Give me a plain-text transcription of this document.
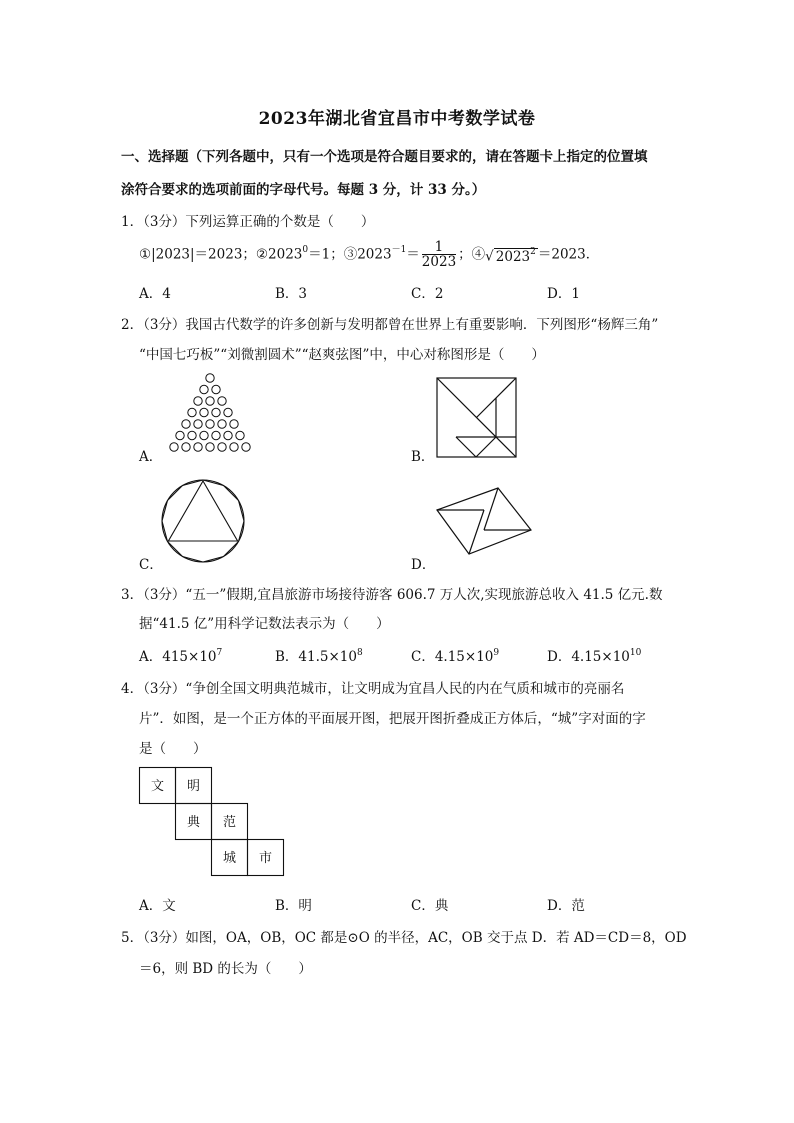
2023年湖北省宜昌市中考数学试卷
一、选择题（下列各题中，只有一个选项是符合题目要求的，请在答题卡上指定的位置填
涂符合要求的选项前面的字母代号。每题 3 分，计 33 分。）
1．（3分）下列运算正确的个数是（　　）
①|2023|＝2023；$②2023^0=1$；$③2023^{-1}= \frac{1}{2023}$ ；④√ $2023^2 =2023$．
A．4	B．3	C．2	D．1
2．（3分）我国古代数学的许多创新与发明都曾在世界上有重要影响．下列图形“杨辉三角”
“中国七巧板”“刘微割圆术”“赵爽弦图”中，中心对称图形是（　　）
A．	B．
C．	D．
3．（3分）“五一”假期,宜昌旅游市场接待游客 606.7 万人次,实现旅游总收入 41.5 亿元.数
据“41.5 亿”用科学记数法表示为（　　）
A．$415\times 10^7$	B．$41.5\times 10^8$	C．$4.15\times 10^9$	D．$4.15\times 10^{10}$
4．（3分）“争创全国文明典范城市，让文明成为宜昌人民的内在气质和城市的亮丽名
片”．如图，是一个正方体的平面展开图，把展开图折叠成正方体后，“城”字对面的字
是（　　）
文 明
典 范
城 市
A．文	B．明	C．典	D．范
5．（3分）如图，OA，OB，OC 都是⊙O 的半径，AC，OB 交于点 D．若 AD＝CD＝8，OD
＝6，则 BD 的长为（　　）
